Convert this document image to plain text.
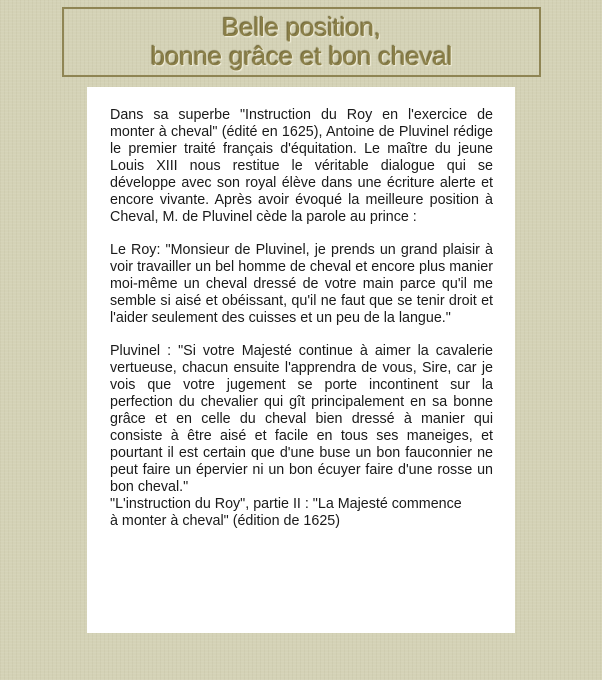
Belle position,
bonne grâce et bon cheval

Dans sa superbe "Instruction du Roy en l'exercice de monter à cheval" (édité en 1625), Antoine de Pluvinel rédige le premier traité français d'équitation. Le maître du jeune Louis XIII nous restitue le véritable dialogue qui se développe avec son royal élève dans une écriture alerte et encore vivante. Après avoir évoqué la meilleure position à Cheval, M. de Pluvinel cède la parole au prince :

Le Roy: "Monsieur de Pluvinel, je prends un grand plaisir à voir travailler un bel homme de cheval et encore plus manier moi-même un cheval dressé de votre main parce qu'il me semble si aisé et obéissant, qu'il ne faut que se tenir droit et l'aider seulement des cuisses et un peu de la langue."

Pluvinel : "Si votre Majesté continue à aimer la cavalerie vertueuse, chacun ensuite l'apprendra de vous, Sire, car je vois que votre jugement se porte incontinent sur la perfection du chevalier qui gît principalement en sa bonne grâce et en celle du cheval bien dressé à manier qui consiste à être aisé et facile en tous ses maneiges, et pourtant il est certain que d'une buse un bon fauconnier ne peut faire un épervier ni un bon écuyer faire d'une rosse un bon cheval."
"L'instruction du Roy", partie II : "La Majesté commence
à monter à cheval" (édition de 1625)
